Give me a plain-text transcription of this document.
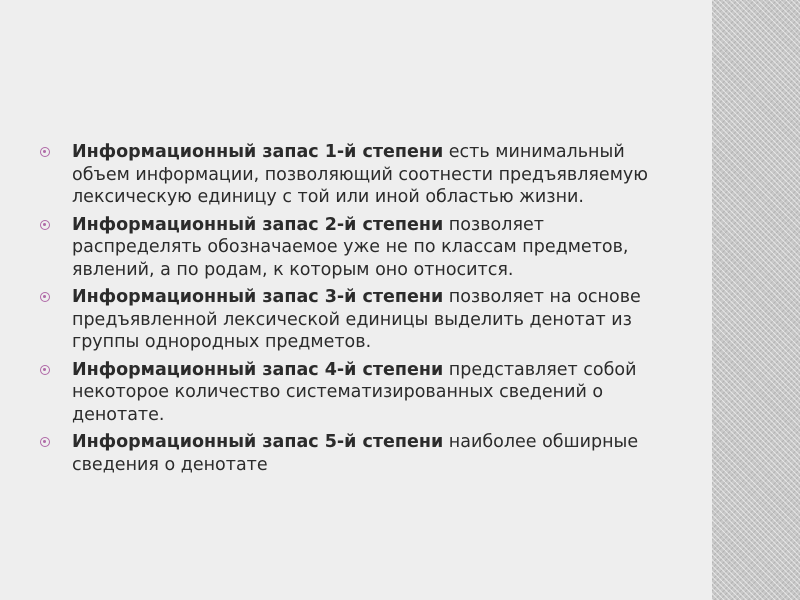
Информационный запас 1-й степени есть минимальный объем информации, позволяющий соотнести предъявляемую лексическую единицу с той или иной областью жизни.
Информационный запас 2-й степени позволяет распределять обозначаемое уже не по классам предметов, явлений, а по родам, к которым оно относится.
Информационный запас 3-й степени позволяет на основе предъявленной лексической единицы выделить денотат из группы однородных предметов.
Информационный запас 4-й степени представляет собой некоторое количество систематизированных сведений о денотате.
Информационный запас 5-й степени наиболее обширные сведения о денотате
